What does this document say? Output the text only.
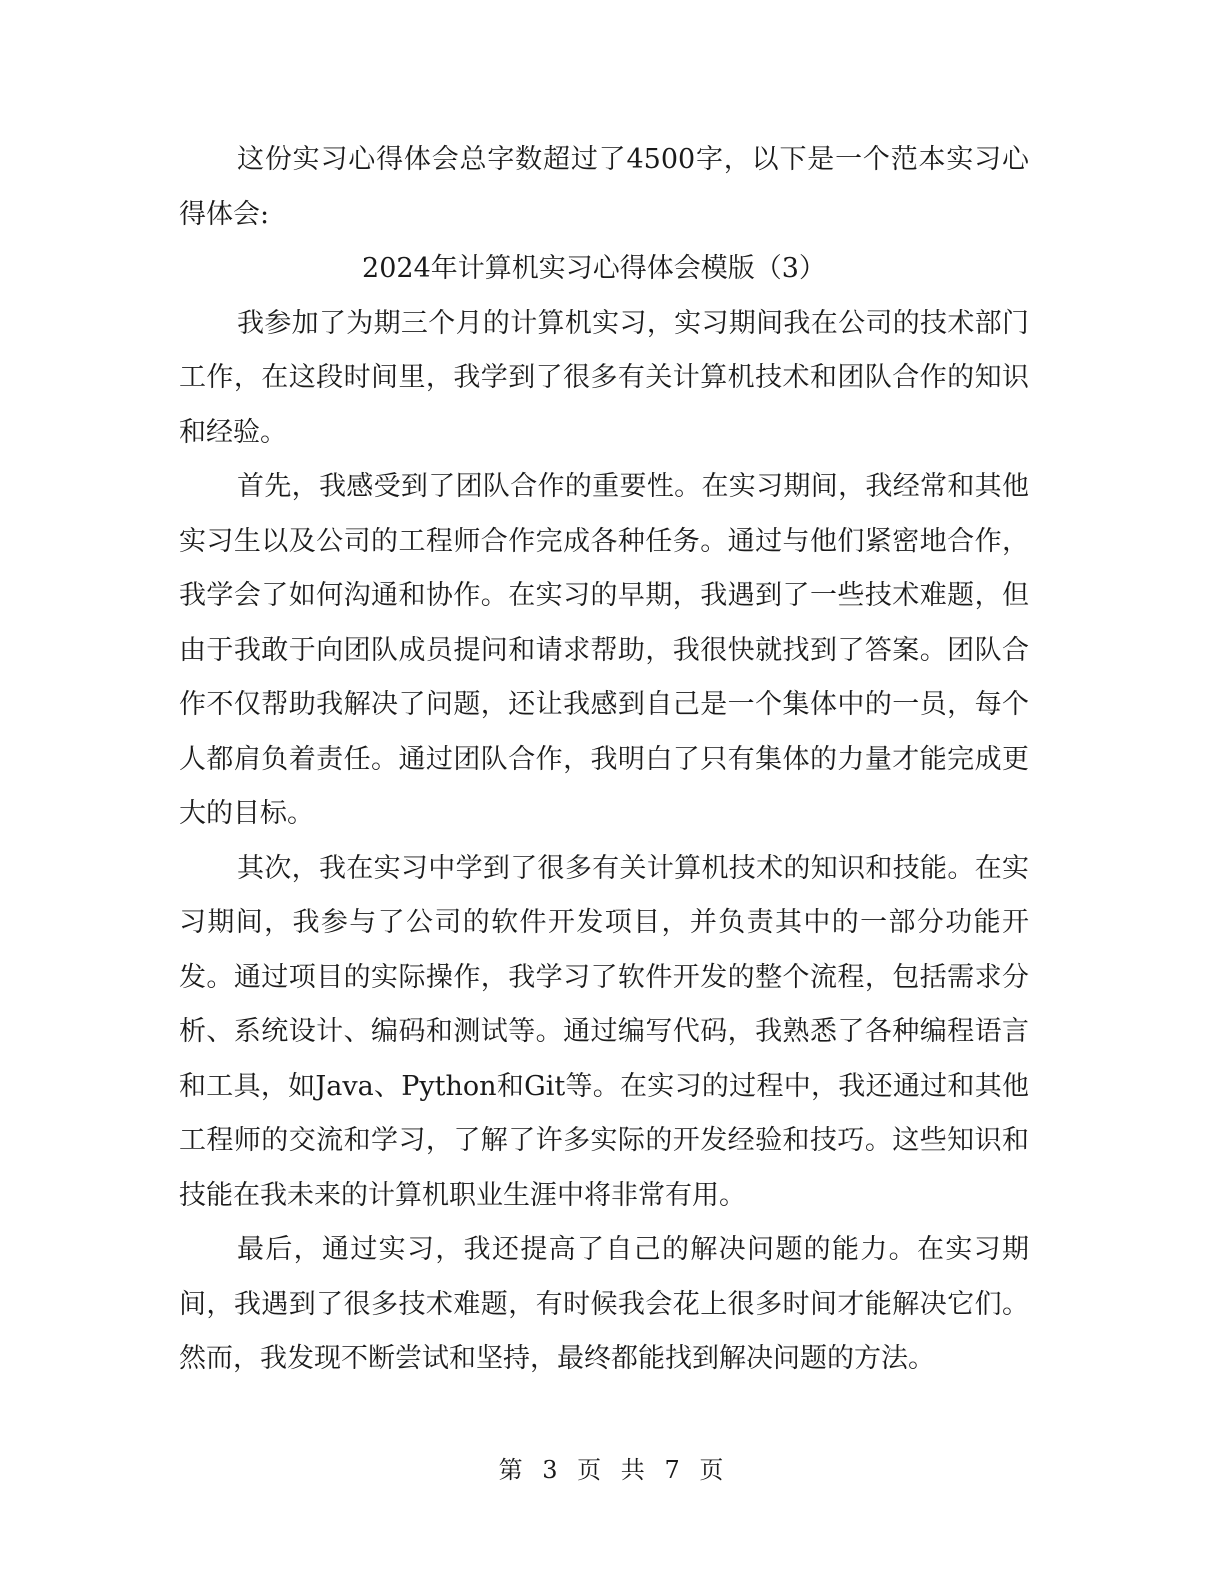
这份实习心得体会总字数超过了4500字，以下是一个范本实习心得体会:

2024年计算机实习心得体会模版（3）

我参加了为期三个月的计算机实习，实习期间我在公司的技术部门工作，在这段时间里，我学到了很多有关计算机技术和团队合作的知识和经验。

首先，我感受到了团队合作的重要性。在实习期间，我经常和其他实习生以及公司的工程师合作完成各种任务。通过与他们紧密地合作，我学会了如何沟通和协作。在实习的早期，我遇到了一些技术难题，但由于我敢于向团队成员提问和请求帮助，我很快就找到了答案。团队合作不仅帮助我解决了问题，还让我感到自己是一个集体中的一员，每个人都肩负着责任。通过团队合作，我明白了只有集体的力量才能完成更大的目标。

其次，我在实习中学到了很多有关计算机技术的知识和技能。在实习期间，我参与了公司的软件开发项目，并负责其中的一部分功能开发。通过项目的实际操作，我学习了软件开发的整个流程，包括需求分析、系统设计、编码和测试等。通过编写代码，我熟悉了各种编程语言和工具，如Java、Python和Git等。在实习的过程中，我还通过和其他工程师的交流和学习，了解了许多实际的开发经验和技巧。这些知识和技能在我未来的计算机职业生涯中将非常有用。

最后，通过实习，我还提高了自己的解决问题的能力。在实习期间，我遇到了很多技术难题，有时候我会花上很多时间才能解决它们。然而，我发现不断尝试和坚持，最终都能找到解决问题的方法。

第 3 页 共 7 页
